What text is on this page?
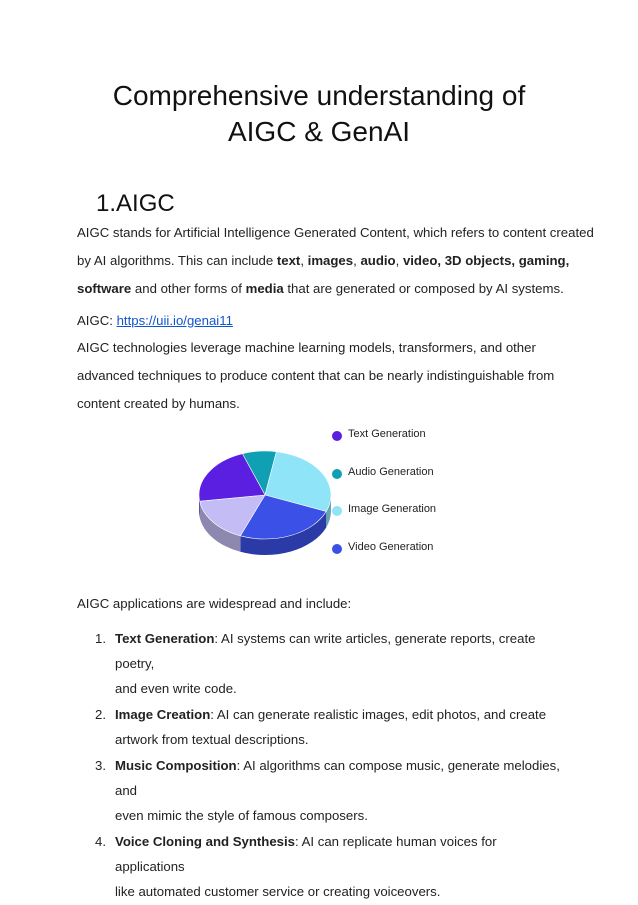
Comprehensive understanding of
AIGC & GenAI
1.AIGC

AIGC stands for Artificial Intelligence Generated Content, which refers to content created
by AI algorithms. This can include text, images, audio, video, 3D objects, gaming,
software and other forms of media that are generated or composed by AI systems.

AIGC: https://uii.io/genai11

AIGC technologies leverage machine learning models, transformers, and other
advanced techniques to produce content that can be nearly indistinguishable from
content created by humans.

Text Generation
Audio Generation
Image Generation
Video Generation

AIGC applications are widespread and include:

1. Text Generation: AI systems can write articles, generate reports, create poetry,
and even write code.
2. Image Creation: AI can generate realistic images, edit photos, and create
artwork from textual descriptions.
3. Music Composition: AI algorithms can compose music, generate melodies, and
even mimic the style of famous composers.
4. Voice Cloning and Synthesis: AI can replicate human voices for applications
like automated customer service or creating voiceovers.
